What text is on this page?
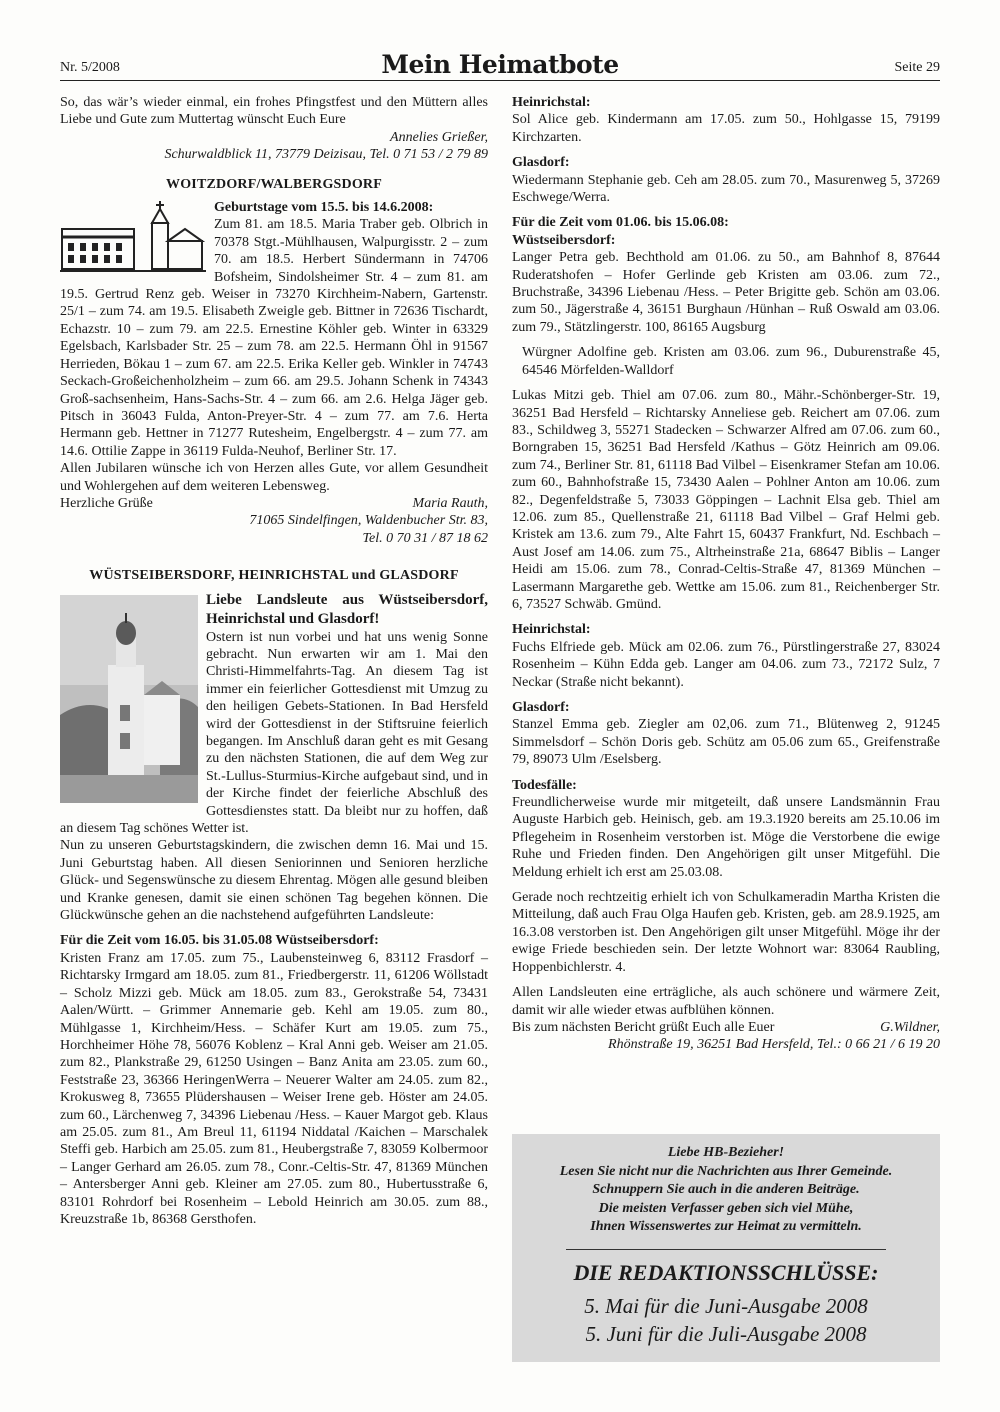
Nr. 5/2008	Mein Heimatbote	Seite 29

So, das wär’s wieder einmal, ein frohes Pfingstfest und den Müttern alles Liebe und Gute zum Muttertag wünscht Euch Eure

Annelies Grießer,
Schurwaldblick 11, 73779 Deizisau, Tel. 0 71 53 / 2 79 89
WOITZDORF/WALBERGSDORF

Geburtstage vom 15.5. bis 14.6.2008:

Zum 81. am 18.5. Maria Traber geb. Olbrich in 70378 Stgt.-Mühlhausen, Walpurgisstr. 2 – zum 70. am 18.5. Herbert Sündermann in 74706 Bofsheim, Sindolsheimer Str. 4 – zum 81. am 19.5. Gertrud Renz geb. Weiser in 73270 Kirchheim-Nabern, Gartenstr. 25/1 – zum 74. am 19.5. Elisabeth Zweigle geb. Bittner in 72636 Tischardt, Echazstr. 10 – zum 79. am 22.5. Ernestine Köhler geb. Winter in 63329 Egelsbach, Karlsbader Str. 25 – zum 78. am 22.5. Hermann Öhl in 91567 Herrieden, Bökau 1 – zum 67. am 22.5. Erika Keller geb. Winkler in 74743 Seckach-Großeichenholzheim – zum 66. am 29.5. Johann Schenk in 74343 Groß-sachsenheim, Hans-Sachs-Str. 4 – zum 66. am 2.6. Helga Jäger geb. Pitsch in 36043 Fulda, Anton-Preyer-Str. 4 – zum 77. am 7.6. Herta Hermann geb. Hettner in 71277 Rutesheim, Engelbergstr. 4 – zum 77. am 14.6. Ottilie Zappe in 36119 Fulda-Neuhof, Berliner Str. 17.

Allen Jubilaren wünsche ich von Herzen alles Gute, vor allem Gesundheit und Wohlergehen auf dem weiteren Lebensweg.

Herzliche Grüße	Maria Rauth,
71065 Sindelfingen, Waldenbucher Str. 83,
Tel. 0 70 31 / 87 18 62
WÜSTSEIBERSDORF, HEINRICHSTAL und GLASDORF

Liebe Landsleute aus Wüstseibersdorf, Heinrichstal und Glasdorf!

Ostern ist nun vorbei und hat uns wenig Sonne gebracht. Nun erwarten wir am 1. Mai den Christi-Himmelfahrts-Tag. An diesem Tag ist immer ein feierlicher Gottesdienst mit Umzug zu den heiligen Gebets-Stationen. In Bad Hersfeld wird der Gottesdienst in der Stiftsruine feierlich begangen. Im Anschluß daran geht es mit Gesang zu den nächsten Stationen, die auf dem Weg zur St.-Lullus-Sturmius-Kirche aufgebaut sind, und in der Kirche findet der feierliche Abschluß des Gottesdienstes statt. Da bleibt nur zu hoffen, daß an diesem Tag schönes Wetter ist.

Nun zu unseren Geburtstagskindern, die zwischen demn 16. Mai und 15. Juni Geburtstag haben. All diesen Seniorinnen und Senioren herzliche Glück- und Segenswünsche zu diesem Ehrentag. Mögen alle gesund bleiben und Kranke genesen, damit sie einen schönen Tag begehen können. Die Glückwünsche gehen an die nachstehend aufgeführten Landsleute:

Für die Zeit vom 16.05. bis 31.05.08 Wüstseibersdorf:

Kristen Franz am 17.05. zum 75., Laubensteinweg 6, 83112 Frasdorf – Richtarsky Irmgard am 18.05. zum 81., Friedbergerstr. 11, 61206 Wöllstadt – Scholz Mizzi geb. Mück am 18.05. zum 83., Gerokstraße 54, 73431 Aalen/Württ. – Grimmer Annemarie geb. Kehl am 19.05. zum 80., Mühlgasse 1, Kirchheim/Hess. – Schäfer Kurt am 19.05. zum 75., Horchheimer Höhe 78, 56076 Koblenz – Kral Anni geb. Weiser am 21.05. zum 82., Plankstraße 29, 61250 Usingen – Banz Anita am 23.05. zum 60., Feststraße 23, 36366 HeringenWerra – Neuerer Walter am 24.05. zum 82., Krokusweg 8, 73655 Plüdershausen – Weiser Irene geb. Höster am 24.05. zum 60., Lärchenweg 7, 34396 Liebenau /Hess. – Kauer Margot geb. Klaus am 25.05. zum 81., Am Breul 11, 61194 Niddatal /Kaichen – Marschalek Steffi geb. Harbich am 25.05. zum 81., Heubergstraße 7, 83059 Kolbermoor – Langer Gerhard am 26.05. zum 78., Conr.-Celtis-Str. 47, 81369 München – Antersberger Anni geb. Kleiner am 27.05. zum 80., Hubertusstraße 6, 83101 Rohrdorf bei Rosenheim – Lebold Heinrich am 30.05. zum 88., Kreuzstraße 1b, 86368 Gersthofen.

Heinrichstal:

Sol Alice geb. Kindermann am 17.05. zum 50., Hohlgasse 15, 79199 Kirchzarten.

Glasdorf:

Wiedermann Stephanie geb. Ceh am 28.05. zum 70., Masurenweg 5, 37269 Eschwege/Werra.

Für die Zeit vom 01.06. bis 15.06.08:

Wüstseibersdorf:

Langer Petra geb. Bechthold am 01.06. zu 50., am Bahnhof 8, 87644 Ruderatshofen – Hofer Gerlinde geb Kristen am 03.06. zum 72., Bruchstraße, 34396 Liebenau /Hess. – Peter Brigitte geb. Schön am 03.06. zum 50., Jägerstraße 4, 36151 Burghaun /Hünhan – Ruß Oswald am 03.06. zum 79., Stätzlingerstr. 100, 86165 Augsburg

Würgner Adolfine geb. Kristen am 03.06. zum 96., Duburenstraße 45, 64546 Mörfelden-Walldorf

Lukas Mitzi geb. Thiel am 07.06. zum 80., Mähr.-Schönberger-Str. 19, 36251 Bad Hersfeld – Richtarsky Anneliese geb. Reichert am 07.06. zum 83., Schildweg 3, 55271 Stadecken – Schwarzer Alfred am 07.06. zum 60., Borngraben 15, 36251 Bad Hersfeld /Kathus – Götz Heinrich am 09.06. zum 74., Berliner Str. 81, 61118 Bad Vilbel – Eisenkramer Stefan am 10.06. zum 60., Bahnhofstraße 15, 73430 Aalen – Pohlner Anton am 10.06. zum 82., Degenfeldstraße 5, 73033 Göppingen – Lachnit Elsa geb. Thiel am 12.06. zum 85., Quellenstraße 21, 61118 Bad Vilbel – Graf Helmi geb. Kristek am 13.6. zum 79., Alte Fahrt 15, 60437 Frankfurt, Nd. Eschbach – Aust Josef am 14.06. zum 75., Altrheinstraße 21a, 68647 Biblis – Langer Heidi am 15.06. zum 78., Conrad-Celtis-Straße 47, 81369 München – Lasermann Margarethe geb. Wettke am 15.06. zum 81., Reichenberger Str. 6, 73527 Schwäb. Gmünd.

Heinrichstal:

Fuchs Elfriede geb. Mück am 02.06. zum 76., Pürstlingerstraße 27, 83024 Rosenheim – Kühn Edda geb. Langer am 04.06. zum 73., 72172 Sulz, 7 Neckar (Straße nicht bekannt).

Glasdorf:

Stanzel Emma geb. Ziegler am 02,06. zum 71., Blütenweg 2, 91245 Simmelsdorf – Schön Doris geb. Schütz am 05.06 zum 65., Greifenstraße 79, 89073 Ulm /Eselsberg.

Todesfälle:

Freundlicherweise wurde mir mitgeteilt, daß unsere Landsmännin Frau Auguste Harbich geb. Heinisch, geb. am 19.3.1920 bereits am 25.10.06 im Pflegeheim in Rosenheim verstorben ist. Möge die Verstorbene die ewige Ruhe und Frieden finden. Den Angehörigen gilt unser Mitgefühl. Die Meldung erhielt ich erst am 25.03.08.

Gerade noch rechtzeitig erhielt ich von Schulkameradin Martha Kristen die Mitteilung, daß auch Frau Olga Haufen geb. Kristen, geb. am 28.9.1925, am 16.3.08 verstorben ist. Den Angehörigen gilt unser Mitgefühl. Möge ihr der ewige Friede beschieden sein. Der letzte Wohnort war: 83064 Raubling, Hoppenbichlerstr. 4.

Allen Landsleuten eine erträgliche, als auch schönere und wärmere Zeit, damit wir alle wieder etwas aufblühen können.

Bis zum nächsten Bericht grüßt Euch alle Euer	G.Wildner,
Rhönstraße 19, 36251 Bad Hersfeld, Tel.: 0 66 21 / 6 19 20
Liebe HB-Bezieher!
Lesen Sie nicht nur die Nachrichten aus Ihrer Gemeinde.
Schnuppern Sie auch in die anderen Beiträge.
Die meisten Verfasser geben sich viel Mühe,
Ihnen Wissenswertes zur Heimat zu vermitteln.
DIE REDAKTIONSSCHLÜSSE:
5. Mai für die Juni-Ausgabe 2008
5. Juni für die Juli-Ausgabe 2008
